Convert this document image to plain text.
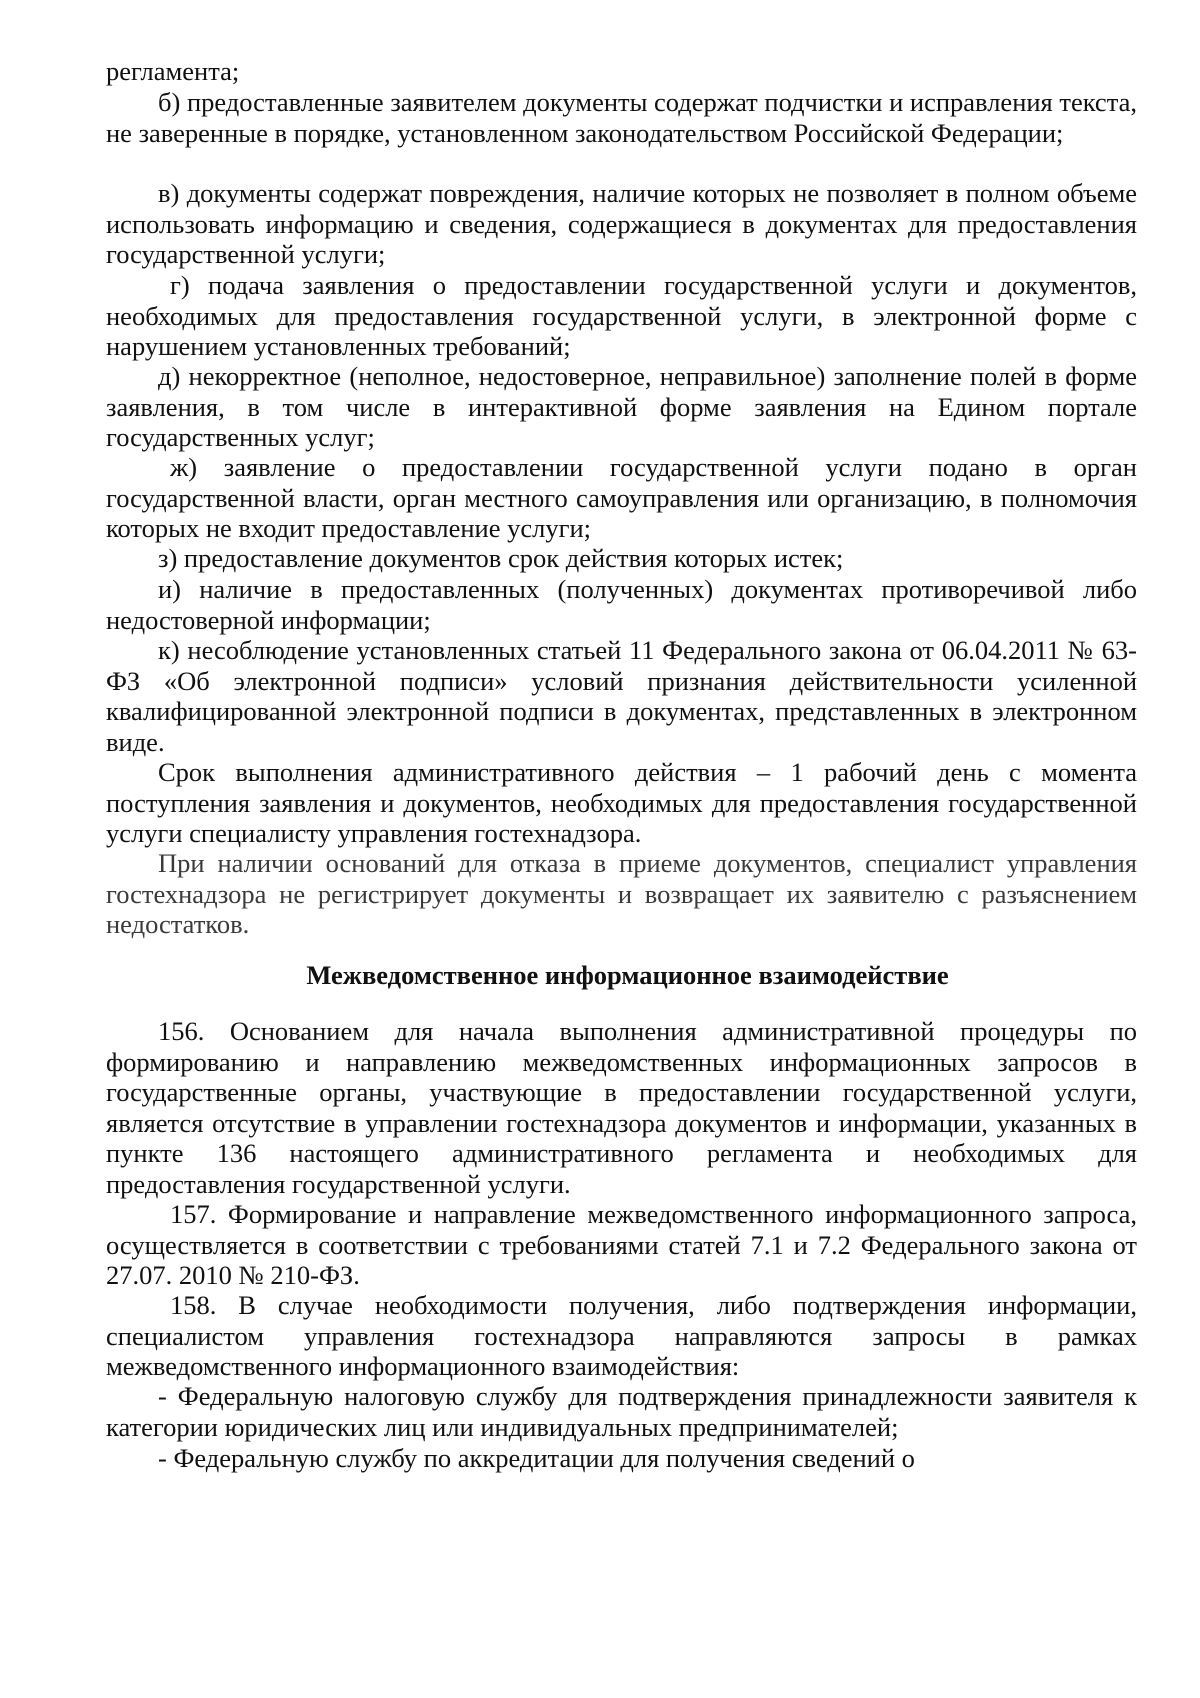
регламента;

б) предоставленные заявителем документы содержат подчистки и исправления текста, не заверенные в порядке, установленном законодательством Российской Федерации;

в) документы содержат повреждения, наличие которых не позволяет в полном объеме использовать информацию и сведения, содержащиеся в документах для предоставления государственной услуги;

г) подача заявления о предоставлении государственной услуги и документов, необходимых для предоставления государственной услуги, в электронной форме с нарушением установленных требований;

д) некорректное (неполное, недостоверное, неправильное) заполнение полей в форме заявления, в том числе в интерактивной форме заявления на Едином портале государственных услуг;

ж) заявление о предоставлении государственной услуги подано в орган государственной власти, орган местного самоуправления или организацию, в полномочия которых не входит предоставление услуги;

з) предоставление документов срок действия которых истек;

и) наличие в предоставленных (полученных) документах противоречивой либо недостоверной информации;

к) несоблюдение установленных статьей 11 Федерального закона от 06.04.2011 № 63-ФЗ «Об электронной подписи» условий признания действительности усиленной квалифицированной электронной подписи в документах, представленных в электронном виде.

Срок выполнения административного действия – 1 рабочий день с момента поступления заявления и документов, необходимых для предоставления государственной услуги специалисту управления гостехнадзора.

При наличии оснований для отказа в приеме документов, специалист управления гостехнадзора не регистрирует документы и возвращает их заявителю с разъяснением недостатков.

Межведомственное информационное взаимодействие

156. Основанием для начала выполнения административной процедуры по формированию и направлению межведомственных информационных запросов в государственные органы, участвующие в предоставлении государственной услуги, является отсутствие в управлении гостехнадзора документов и информации, указанных в пункте 136 настоящего административного регламента и необходимых для предоставления государственной услуги.

157. Формирование и направление межведомственного информационного запроса, осуществляется в соответствии с требованиями статей 7.1 и 7.2 Федерального закона от 27.07. 2010 № 210-ФЗ.

158. В случае необходимости получения, либо подтверждения информации, специалистом управления гостехнадзора направляются запросы в рамках межведомственного информационного взаимодействия:

- Федеральную налоговую службу для подтверждения принадлежности заявителя к категории юридических лиц или индивидуальных предпринимателей;

- Федеральную службу по аккредитации для получения сведений о
